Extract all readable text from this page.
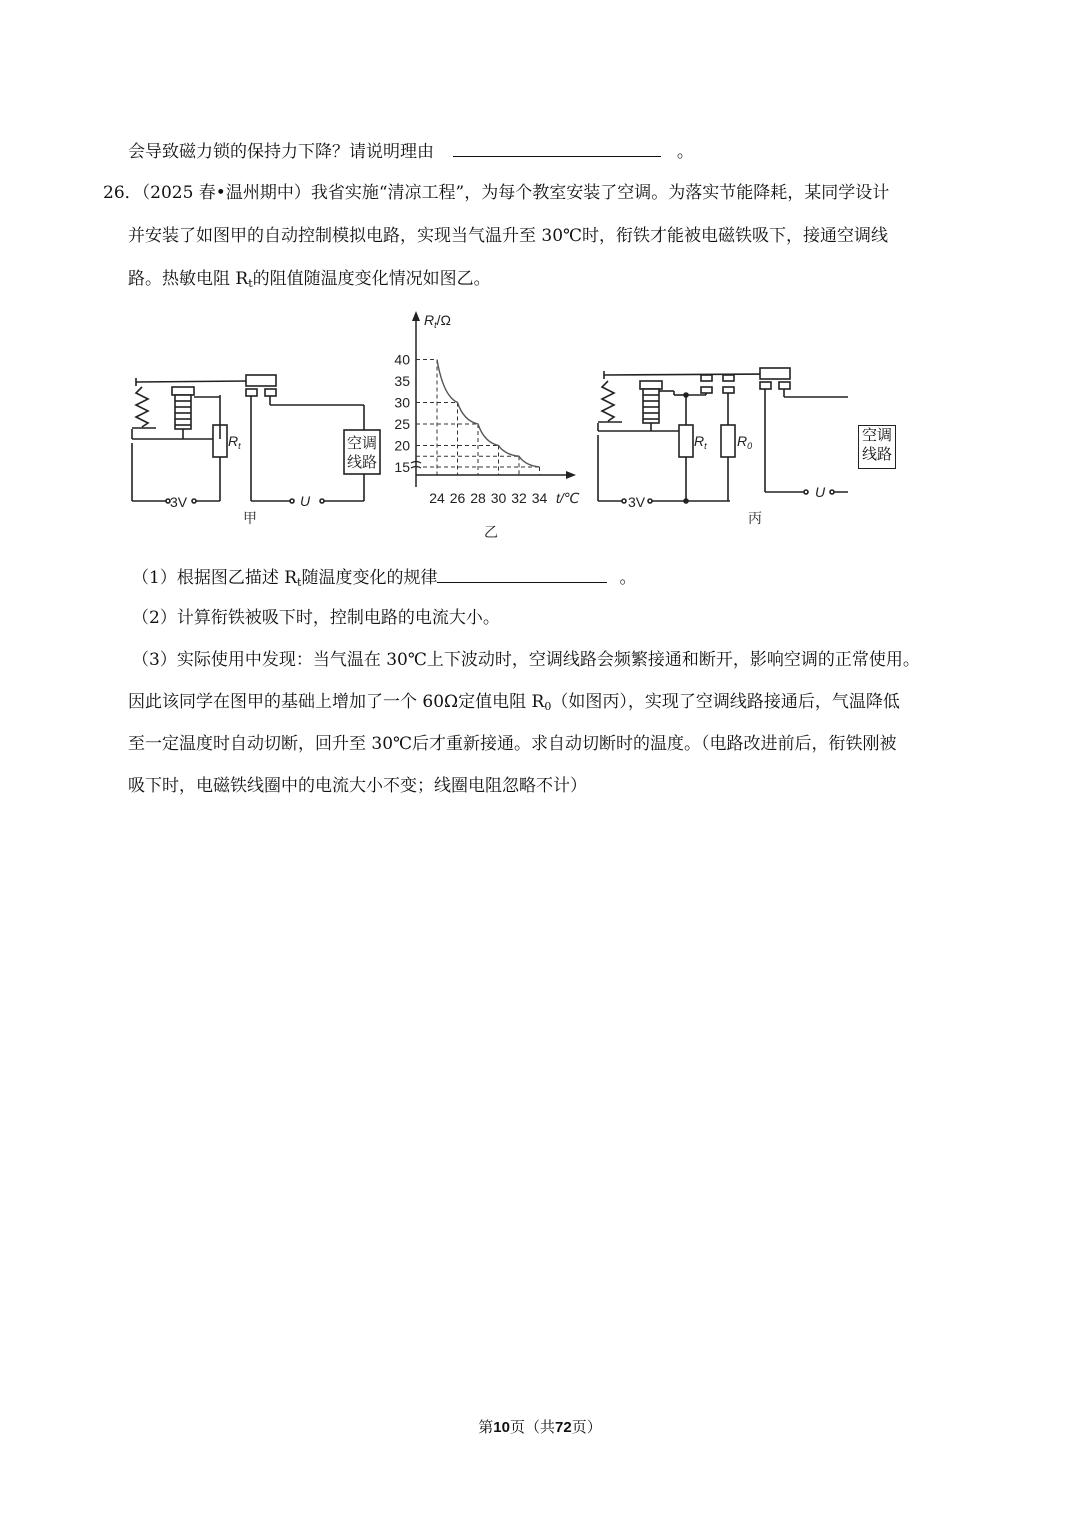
会导致磁力锁的保持力下降？请说明理由	。
26．（2025 春•温州期中）我省实施“清凉工程”，为每个教室安装了空调。为落实节能降耗，某同学设计
并安装了如图甲的自动控制模拟电路，实现当气温升至 30℃时，衔铁才能被电磁铁吸下，接通空调线
路。热敏电阻 $R_t$的阻值随温度变化情况如图乙。
$R_t$
3V	U
空调
线路
甲
40
35
30
25
20
15
24 26 28 30 32 34
$R_t/\Omega$
t/℃
乙
$R_t$ $R_0$
3V
U
丙
空调
线路
（1）根据图乙描述 $R_t$随温度变化的规律	。
（2）计算衔铁被吸下时，控制电路的电流大小。
（3）实际使用中发现：当气温在 30℃上下波动时，空调线路会频繁接通和断开，影响空调的正常使用。
因此该同学在图甲的基础上增加了一个 60Ω定值电阻 $R_0$（如图丙），实现了空调线路接通后，气温降低
至一定温度时自动切断，回升至 30℃后才重新接通。求自动切断时的温度。（电路改进前后，衔铁刚被
吸下时，电磁铁线圈中的电流大小不变；线圈电阻忽略不计）
第10页（共72页）
